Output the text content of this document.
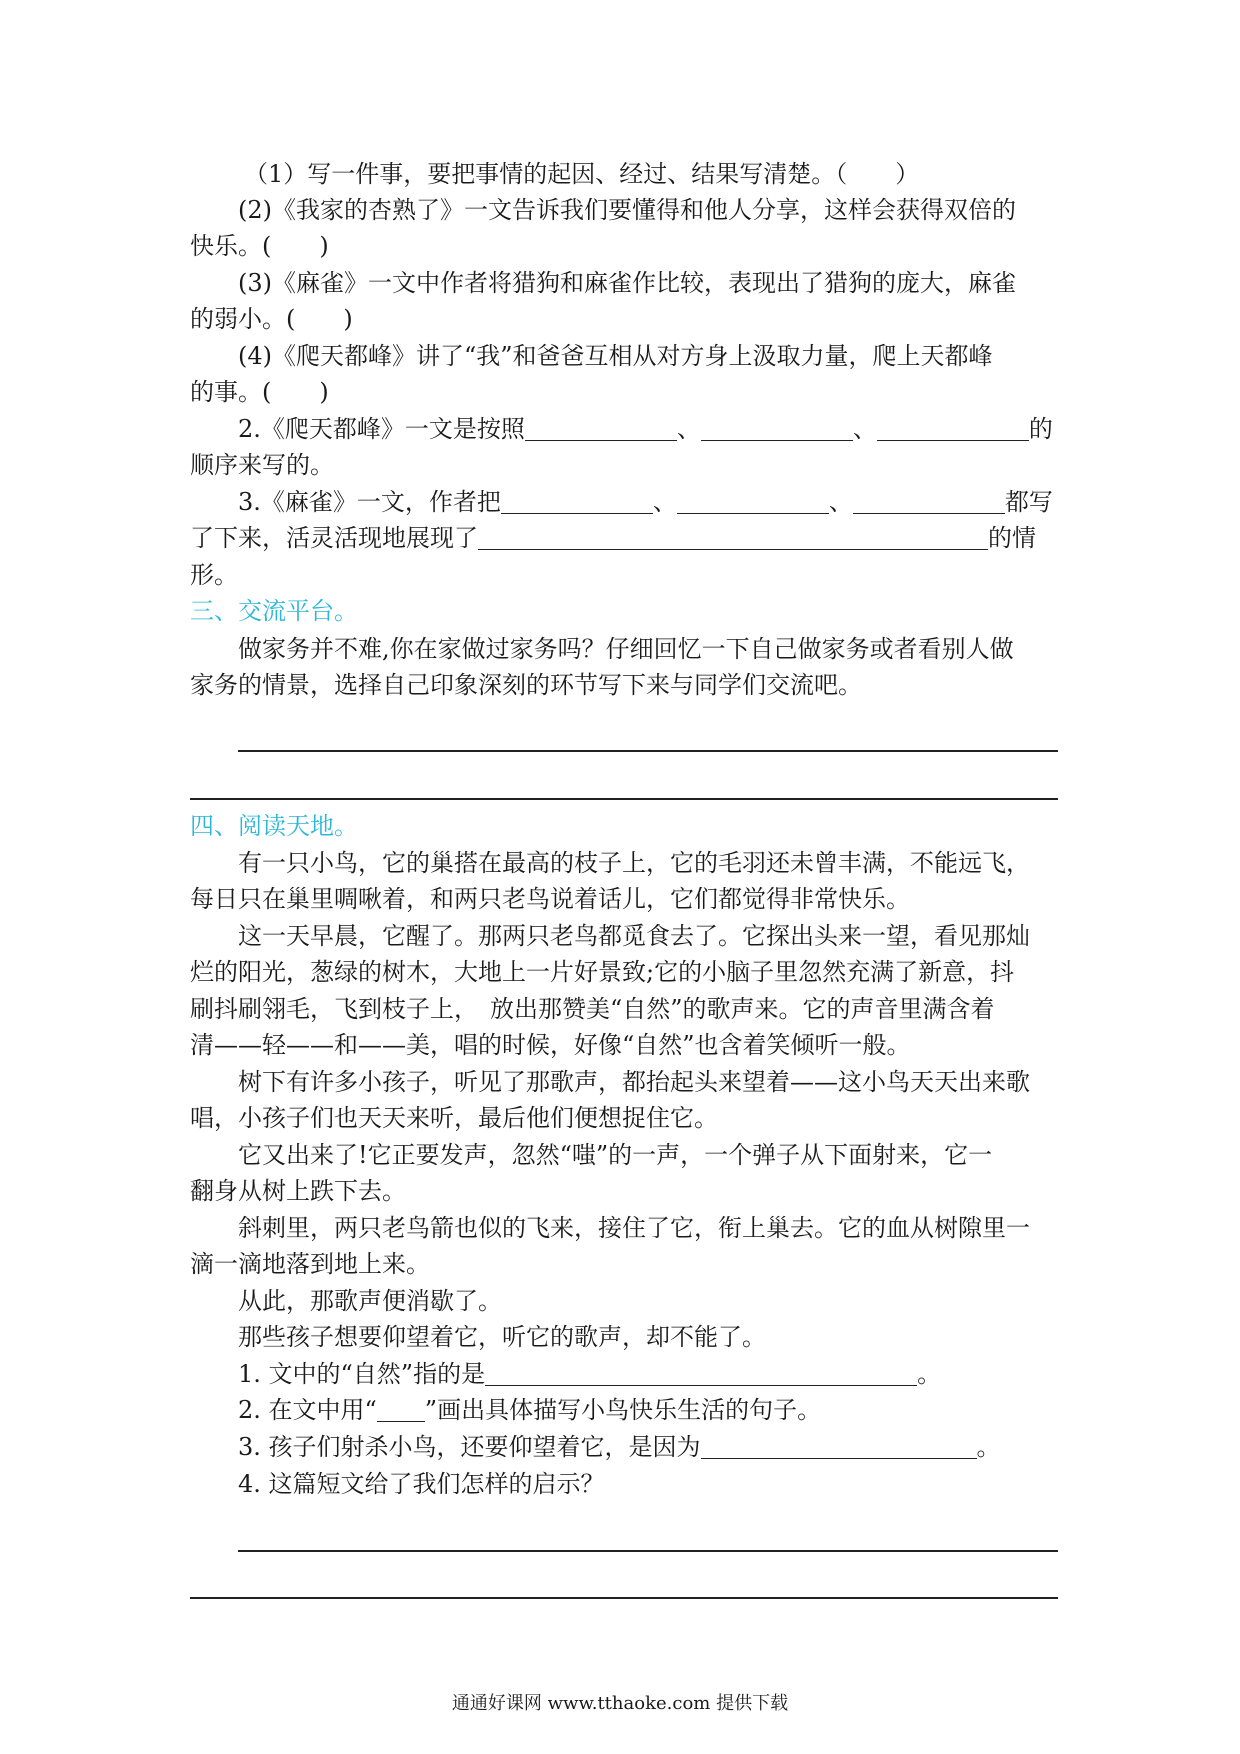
（1）写一件事，要把事情的起因、经过、结果写清楚。（　　）
(2)《我家的杏熟了》一文告诉我们要懂得和他人分享，这样会获得双倍的
快乐。(　　)
(3)《麻雀》一文中作者将猎狗和麻雀作比较，表现出了猎狗的庞大，麻雀
的弱小。(　　)
(4)《爬天都峰》讲了“我”和爸爸互相从对方身上汲取力量，爬上天都峰
的事。(　　)
2.《爬天都峰》一文是按照	、	、	的
顺序来写的。
3.《麻雀》一文，作者把	、	、	都写
了下来，活灵活现地展现了	的情
形。
三、交流平台。
做家务并不难,你在家做过家务吗？仔细回忆一下自己做家务或者看别人做
家务的情景，选择自己印象深刻的环节写下来与同学们交流吧。
四、阅读天地。
有一只小鸟，它的巢搭在最高的枝子上，它的毛羽还未曾丰满，不能远飞，
每日只在巢里啁啾着，和两只老鸟说着话儿，它们都觉得非常快乐。
这一天早晨，它醒了。那两只老鸟都觅食去了。它探出头来一望，看见那灿
烂的阳光，葱绿的树木，大地上一片好景致;它的小脑子里忽然充满了新意，抖
刷抖刷翎毛，飞到枝子上，　放出那赞美“自然”的歌声来。它的声音里满含着
清——轻——和——美，唱的时候，好像“自然”也含着笑倾听一般。
树下有许多小孩子，听见了那歌声，都抬起头来望着——这小鸟天天出来歌
唱，小孩子们也天天来听，最后他们便想捉住它。
它又出来了!它正要发声，忽然“嗤”的一声，一个弹子从下面射来，它一
翻身从树上跌下去。
斜刺里，两只老鸟箭也似的飞来，接住了它，衔上巢去。它的血从树隙里一
滴一滴地落到地上来。
从此，那歌声便消歇了。
那些孩子想要仰望着它，听它的歌声，却不能了。
1. 文中的“自然”指的是	。
2. 在文中用“ ”画出具体描写小鸟快乐生活的句子。
3. 孩子们射杀小鸟，还要仰望着它，是因为	。
4. 这篇短文给了我们怎样的启示？
通通好课网 www.tthaoke.com 提供下载
